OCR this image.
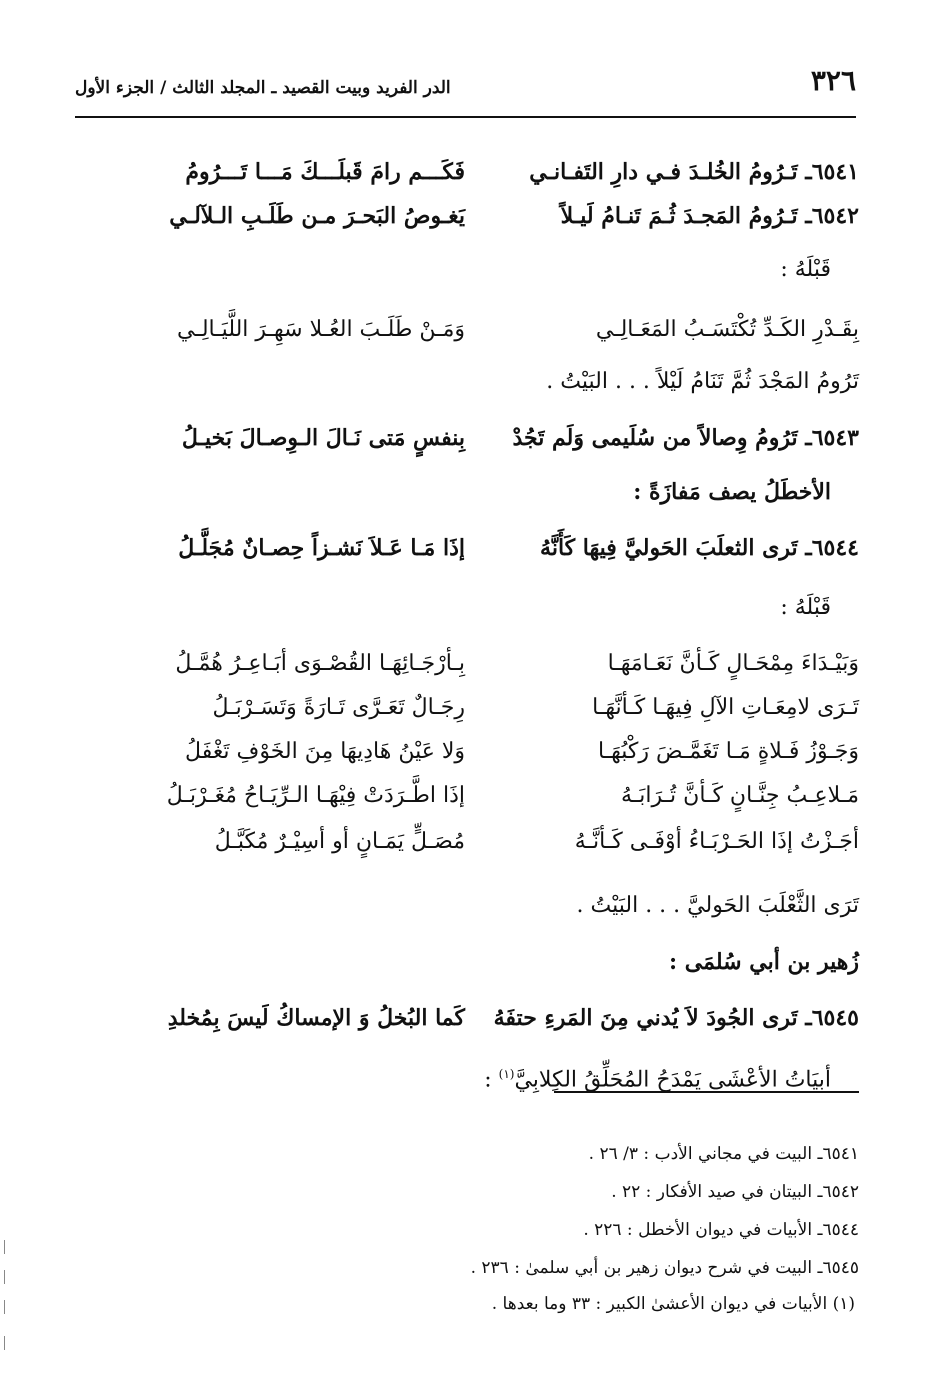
٣٢٦
الدر الفريد وبيت القصيد ـ المجلد الثالث / الجزء الأول
٦٥٤١ـ تَـرُومُ الخُلـدَ فـي دارِ التَفـانـي
فَكَـــم رامَ قَبلَـــكَ مَـــا تَـــرُومُ
٦٥٤٢ـ تَـرُومُ المَجـدَ ثُـمَ تَنـامُ لَيـلاً
يَغـوصُ البَحـرَ مـن طَلَـبِ الـلآلـي
قَبْلَهُ :
بِقَـدْرِ الكَـدِّ تُكْتَسَـبُ المَعَـالِـي
وَمَـنْ طَلَـبَ العُـلا سَهِـرَ اللَّيَـالِـي
تَرُومُ المَجْدَ ثُمَّ تَنَامُ لَيْلاً . . . البَيْتُ .
٦٥٤٣ـ تَرُومُ وِصالاً من سُلَيمى وَلَم تَجُدْ
بِنفسٍ مَتى نَـالَ الـوِصـالَ بَخيـلُ
الأخطَلُ يصف مَفازَةً :
٦٥٤٤ـ تَرى الثعلَبَ الحَوليَّ فِيهَا كَأَنَّهُ
إذَا مَـا عَـلاَ نَشـزاً حِصـانٌ مُجَلَّـلُ
قَبْلَهُ :
وَبَيْـدَاءَ مِمْحَـالٍ كَـأنَّ نَعَـامَهَـا
بِـأرْجَـائِهَـا القُصْـوَى أبَـاعِـرُ هُمَّـلُ
تَـرَى لامِعَـاتِ الآلِ فِيهَـا كَـأنَّهَـا
رِجَـالٌ تَعَـرَّى تَـارَةً وَتَسَـرْبَـلُ
وَجَـوْزُ فَـلاةٍ مَـا تَغَمَّـضَ رَكْبُهَـا
وَلا عَيْنُ هَادِيهَا مِنَ الخَوْفِ تَغْفَلُ
مَـلاعِـبُ جِنَّـانٍ كَـأنَّ تُـرَابَـهُ
إذَا اطَّـرَدَتْ فِيْهَـا الـرِّيَـاحُ مُغَـرْبَـلُ
أجَـزْتُ إذَا الحَـرْبَـاءُ أوْفَـى كَـأنَّـهُ
مُصَـلٍّ يَمَـانٍ أو أسِيْـرٌ مُكَبَّـلُ
تَرَى الثَّعْلَبَ الحَوليَّ . . . البَيْتُ .
زُهير بن أبي سُلمَى :
٦٥٤٥ـ تَرى الجُودَ لاَ يُدني مِنَ المَرءِ حتفَهُ
كَما البُخلُ وَ الإمساكُ لَيسَ بِمُخلدِ
أبيَاتُ الأعْشَى يَمْدَحُ المُحَلِّقُ الكِلابِيَّ$^{(١)}$ :
٦٥٤١ـ البيت في مجاني الأدب : ٣/ ٢٦ .
٦٥٤٢ـ البيتان في صيد الأفكار : ٢٢ .
٦٥٤٤ـ الأبيات في ديوان الأخطل : ٢٢٦ .
٦٥٤٥ـ البيت في شرح ديوان زهير بن أبي سلمىٰ : ٢٣٦ .
(١) الأبيات في ديوان الأعشىٰ الكبير : ٣٣ وما بعدها .
